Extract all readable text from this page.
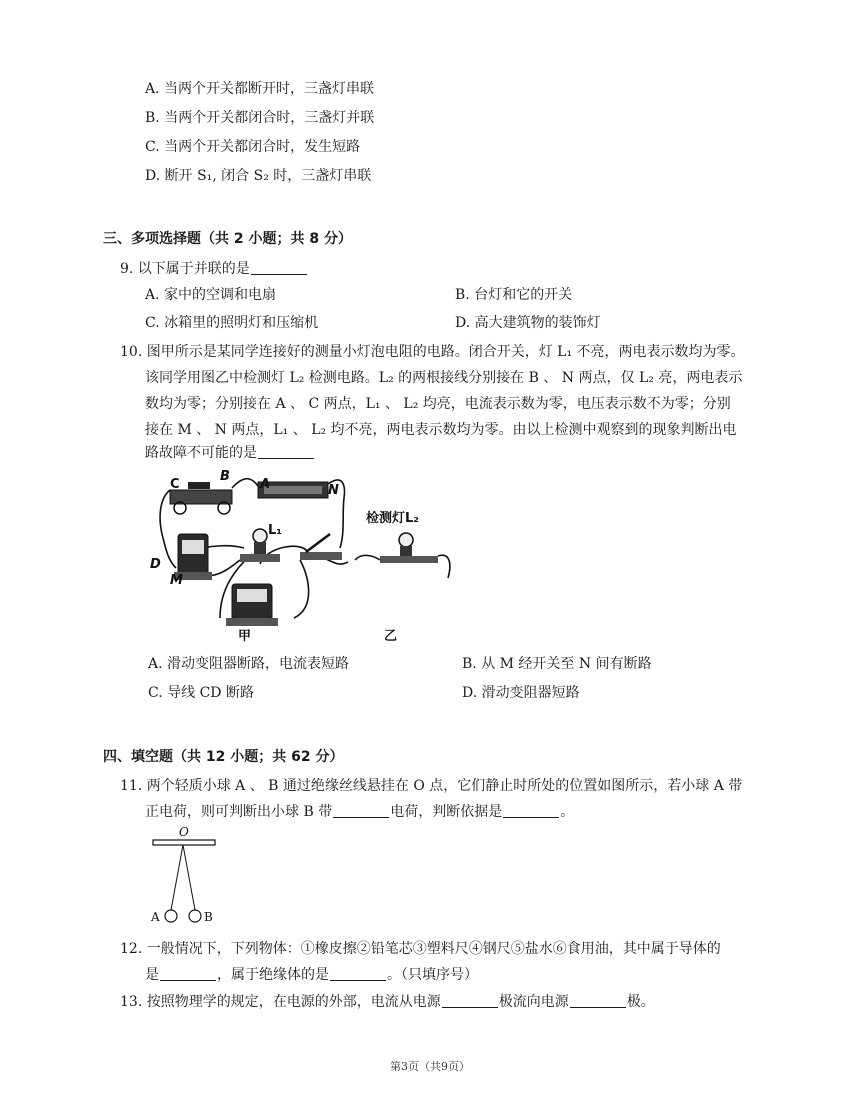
A. 当两个开关都断开时，三盏灯串联
B. 当两个开关都闭合时，三盏灯并联
C. 当两个开关都闭合时，发生短路
D. 断开 S₁, 闭合 S₂ 时，三盏灯串联
三、多项选择题（共 2 小题；共 8 分）
9. 以下属于并联的是
A. 家中的空调和电扇	B. 台灯和它的开关
C. 冰箱里的照明灯和压缩机	D. 高大建筑物的装饰灯
10. 图甲所示是某同学连接好的测量小灯泡电阻的电路。闭合开关，灯 L₁ 不亮，两电表示数均为零。
该同学用图乙中检测灯 L₂ 检测电路。L₂ 的两根接线分别接在 B 、 N 两点，仅 L₂ 亮，两电表示
数均为零；分别接在 A 、 C 两点，L₁ 、 L₂ 均亮，电流表示数为零，电压表示数不为零；分别
接在 M 、 N 两点，L₁ 、 L₂ 均不亮，两电表示数均为零。由以上检测中观察到的现象判断出电
路故障不可能的是
C
B
A	N
D
M
L₁
检测灯L₂
甲	乙
A. 滑动变阻器断路，电流表短路	B. 从 M 经开关至 N 间有断路
C. 导线 CD 断路	D. 滑动变阻器短路
四、填空题（共 12 小题；共 62 分）
11. 两个轻质小球 A 、 B 通过绝缘丝线悬挂在 O 点，它们静止时所处的位置如图所示，若小球 A 带
正电荷，则可判断出小球 B 带	电荷，判断依据是	。
O
A	B
12. 一般情况下，下列物体：①橡皮擦②铅笔芯③塑料尺④钢尺⑤盐水⑥食用油，其中属于导体的
是	，属于绝缘体的是	。（只填序号）
13. 按照物理学的规定，在电源的外部，电流从电源	极流向电源	极。
第3页（共9页）
